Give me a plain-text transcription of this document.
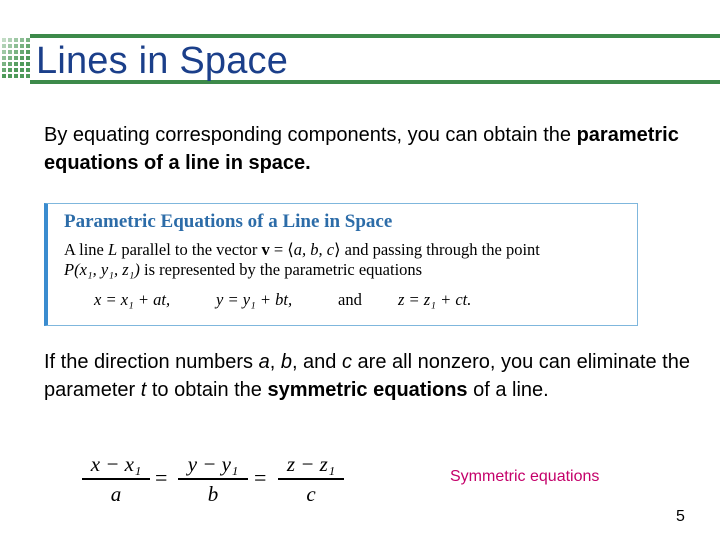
Lines in Space

By equating corresponding components, you can obtain the parametric equations of a line in space.

Parametric Equations of a Line in Space
A line L parallel to the vector v = ⟨a, b, c⟩ and passing through the point
P(x₁, y₁, z₁) is represented by the parametric equations
x = x₁ + at,	y = y₁ + bt,	and z = z₁ + ct.

If the direction numbers a, b, and c are all nonzero, you can eliminate the parameter t to obtain the symmetric equations of a line.

x − x₁
a
=
y − y₁
b
=
z − z₁
c
Symmetric equations
5
